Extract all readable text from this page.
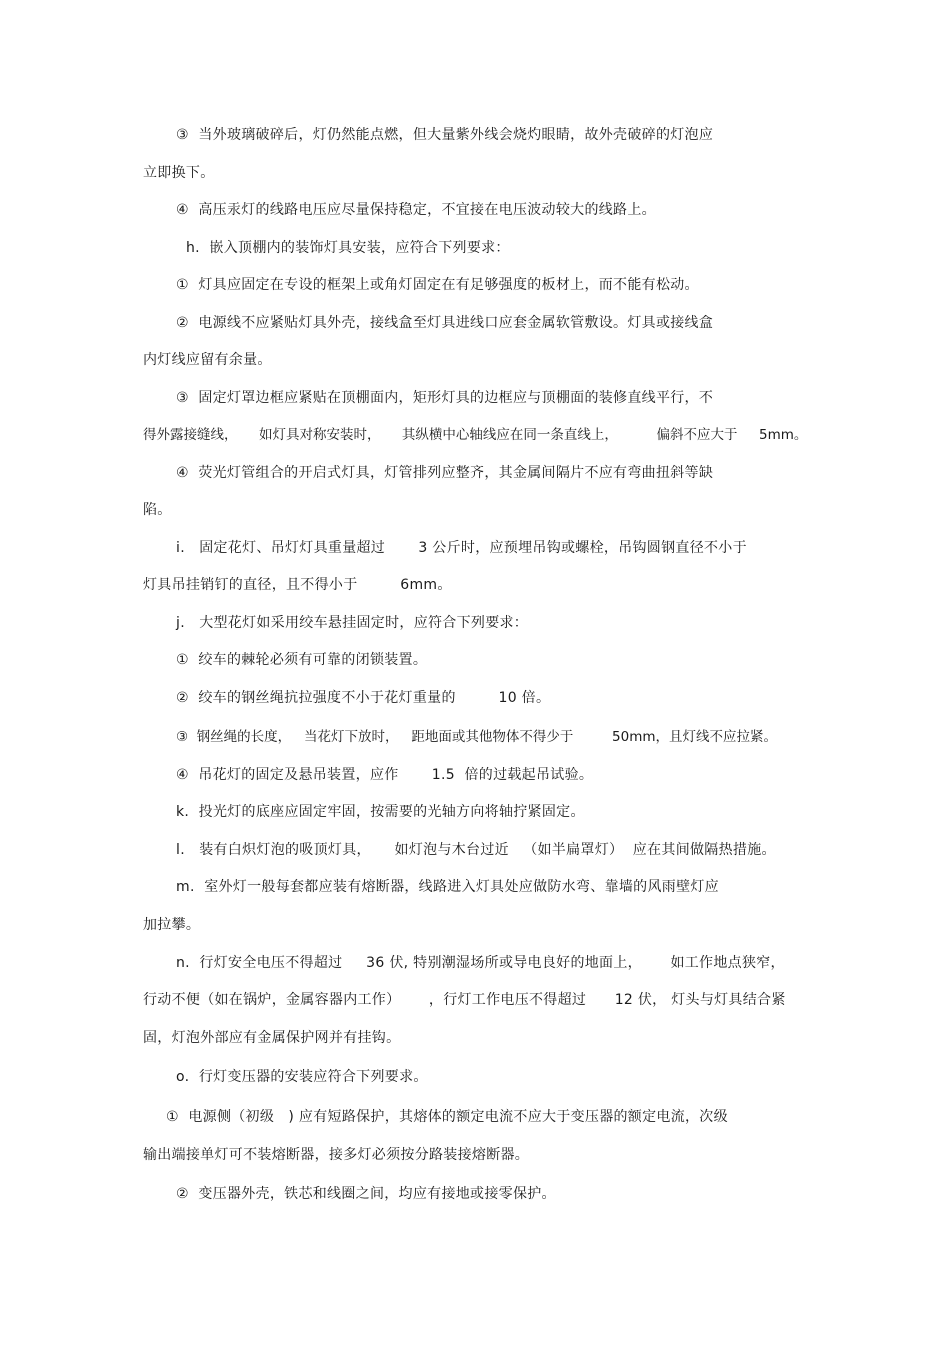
③  当外玻璃破碎后，灯仍然能点燃，但大量紫外线会烧灼眼睛，故外壳破碎的灯泡应
立即换下。
④  高压汞灯的线路电压应尽量保持稳定，不宜接在电压波动较大的线路上。
h.  嵌入顶棚内的装饰灯具安装，应符合下列要求：
①  灯具应固定在专设的框架上或角灯固定在有足够强度的板材上，而不能有松动。
②  电源线不应紧贴灯具外壳，接线盒至灯具进线口应套金属软管敷设。灯具或接线盒
内灯线应留有余量。
③  固定灯罩边框应紧贴在顶棚面内，矩形灯具的边框应与顶棚面的装修直线平行，不
得外露接缝线，     如灯具对称安装时，     其纵横中心轴线应在同一条直线上，         偏斜不应大于     5mm。
④  荧光灯管组合的开启式灯具，灯管排列应整齐，其金属间隔片不应有弯曲扭斜等缺
陷。
i.   固定花灯、吊灯灯具重量超过       3 公斤时，应预埋吊钩或螺栓，吊钩圆钢直径不小于
灯具吊挂销钉的直径，且不得小于         6mm。
j.   大型花灯如采用绞车悬挂固定时，应符合下列要求：
①  绞车的棘轮必须有可靠的闭锁装置。
②  绞车的钢丝绳抗拉强度不小于花灯重量的         10 倍。
③  钢丝绳的长度，   当花灯下放时，   距地面或其他物体不得少于         50mm，且灯线不应拉紧。
④  吊花灯的固定及悬吊装置，应作       1.5  倍的过载起吊试验。
k.  投光灯的底座应固定牢固，按需要的光轴方向将轴拧紧固定。
l.   装有白炽灯泡的吸顶灯具，     如灯泡与木台过近   （如半扁罩灯）  应在其间做隔热措施。
m.  室外灯一般每套都应装有熔断器，线路进入灯具处应做防水弯、靠墙的风雨壁灯应
加拉攀。
n.  行灯安全电压不得超过     36 伏, 特别潮湿场所或导电良好的地面上，      如工作地点狭窄，
行动不便（如在锅炉，金属容器内工作）      ，行灯工作电压不得超过      12 伏， 灯头与灯具结合紧
固，灯泡外部应有金属保护网并有挂钩。
o.  行灯变压器的安装应符合下列要求。
①  电源侧（初级   ) 应有短路保护，其熔体的额定电流不应大于变压器的额定电流，次级
输出端接单灯可不装熔断器，接多灯必须按分路装接熔断器。
②  变压器外壳，铁芯和线圈之间，均应有接地或接零保护。
